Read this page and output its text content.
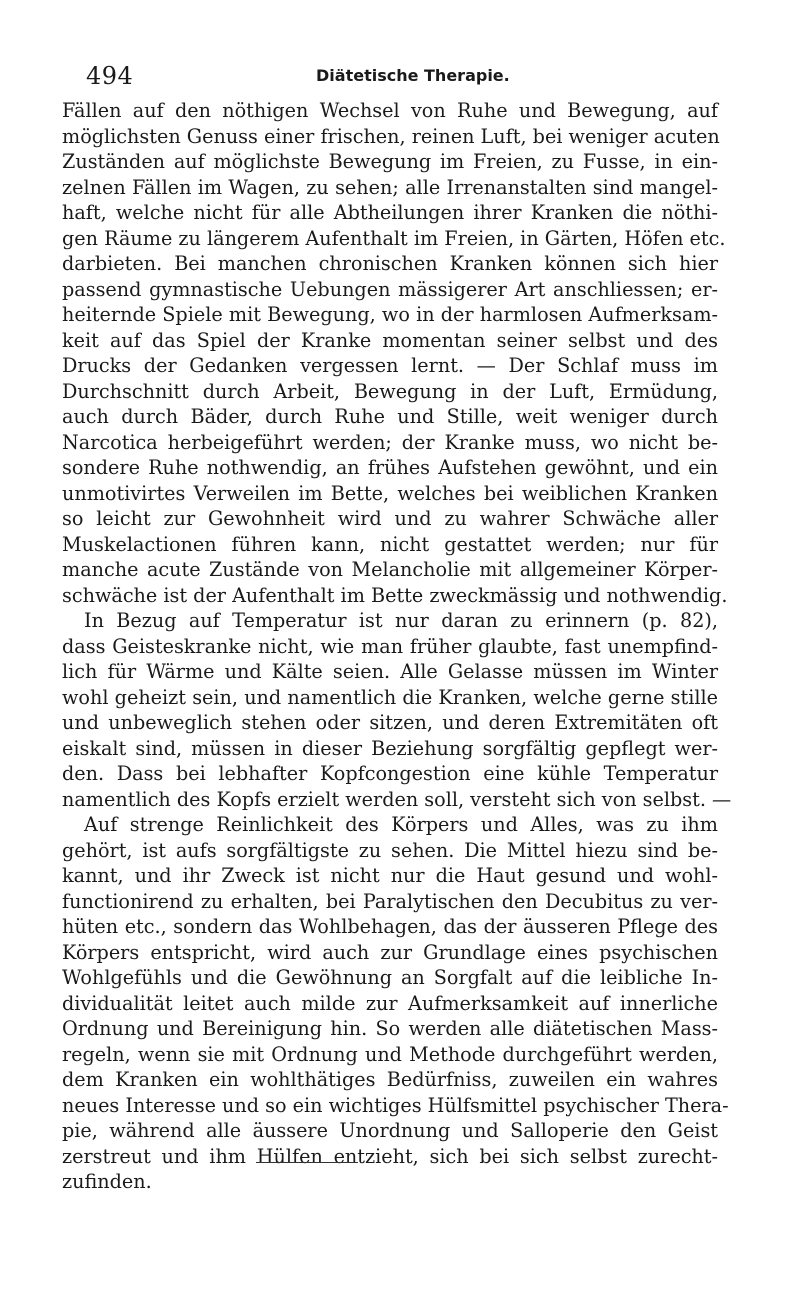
494	Diätetische Therapie.
Fällen auf den nöthigen Wechsel von Ruhe und Bewegung, auf
möglichsten Genuss einer frischen, reinen Luft, bei weniger acuten
Zuständen auf möglichste Bewegung im Freien, zu Fusse, in ein-
zelnen Fällen im Wagen, zu sehen; alle Irrenanstalten sind mangel-
haft, welche nicht für alle Abtheilungen ihrer Kranken die nöthi-
gen Räume zu längerem Aufenthalt im Freien, in Gärten, Höfen etc.
darbieten. Bei manchen chronischen Kranken können sich hier
passend gymnastische Uebungen mässigerer Art anschliessen; er-
heiternde Spiele mit Bewegung, wo in der harmlosen Aufmerksam-
keit auf das Spiel der Kranke momentan seiner selbst und des
Drucks der Gedanken vergessen lernt. — Der Schlaf muss im
Durchschnitt durch Arbeit, Bewegung in der Luft, Ermüdung,
auch durch Bäder, durch Ruhe und Stille, weit weniger durch
Narcotica herbeigeführt werden; der Kranke muss, wo nicht be-
sondere Ruhe nothwendig, an frühes Aufstehen gewöhnt, und ein
unmotivirtes Verweilen im Bette, welches bei weiblichen Kranken
so leicht zur Gewohnheit wird und zu wahrer Schwäche aller
Muskelactionen führen kann, nicht gestattet werden; nur für
manche acute Zustände von Melancholie mit allgemeiner Körper-
schwäche ist der Aufenthalt im Bette zweckmässig und nothwendig.
In Bezug auf Temperatur ist nur daran zu erinnern (p. 82),
dass Geisteskranke nicht, wie man früher glaubte, fast unempfind-
lich für Wärme und Kälte seien. Alle Gelasse müssen im Winter
wohl geheizt sein, und namentlich die Kranken, welche gerne stille
und unbeweglich stehen oder sitzen, und deren Extremitäten oft
eiskalt sind, müssen in dieser Beziehung sorgfältig gepflegt wer-
den. Dass bei lebhafter Kopfcongestion eine kühle Temperatur
namentlich des Kopfs erzielt werden soll, versteht sich von selbst. —
Auf strenge Reinlichkeit des Körpers und Alles, was zu ihm
gehört, ist aufs sorgfältigste zu sehen. Die Mittel hiezu sind be-
kannt, und ihr Zweck ist nicht nur die Haut gesund und wohl-
functionirend zu erhalten, bei Paralytischen den Decubitus zu ver-
hüten etc., sondern das Wohlbehagen, das der äusseren Pflege des
Körpers entspricht, wird auch zur Grundlage eines psychischen
Wohlgefühls und die Gewöhnung an Sorgfalt auf die leibliche In-
dividualität leitet auch milde zur Aufmerksamkeit auf innerliche
Ordnung und Bereinigung hin. So werden alle diätetischen Mass-
regeln, wenn sie mit Ordnung und Methode durchgeführt werden,
dem Kranken ein wohlthätiges Bedürfniss, zuweilen ein wahres
neues Interesse und so ein wichtiges Hülfsmittel psychischer Thera-
pie, während alle äussere Unordnung und Salloperie den Geist
zerstreut und ihm Hülfen entzieht, sich bei sich selbst zurecht-
zufinden.
